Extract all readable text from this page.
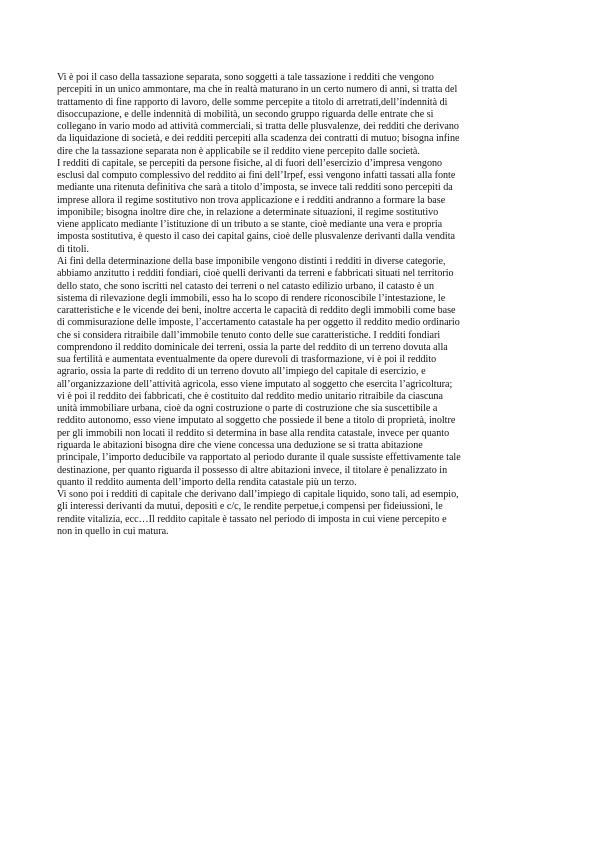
Vi è poi il caso della tassazione separata, sono soggetti a tale tassazione i redditi che vengono
percepiti in un unico ammontare, ma che in realtà maturano in un certo numero di anni, si tratta del
trattamento di fine rapporto di lavoro, delle somme percepite a titolo di arretrati,dell’indennità di
disoccupazione, e delle indennità di mobilità, un secondo gruppo riguarda delle entrate che si
collegano in vario modo ad attività commerciali, si tratta delle plusvalenze, dei redditi che derivano
da liquidazione di società, e dei redditi percepiti alla scadenza dei contratti di mutuo; bisogna infine
dire che la tassazione separata non è applicabile se il reddito viene percepito dalle società.
I redditi di capitale, se percepiti da persone fisiche, al di fuori dell’esercizio d’impresa vengono
esclusi dal computo complessivo del reddito ai fini dell’Irpef, essi vengono infatti tassati alla fonte
mediante una ritenuta definitiva che sarà a titolo d’imposta, se invece tali redditi sono percepiti da
imprese allora il regime sostitutivo non trova applicazione e i redditi andranno a formare la base
imponibile; bisogna inoltre dire che, in relazione a determinate situazioni, il regime sostitutivo
viene applicato mediante l’istituzione di un tributo a se stante, cioè mediante una vera e propria
imposta sostitutiva, è questo il caso dei capital gains, cioè delle plusvalenze derivanti dalla vendita
di titoli.
Ai fini della determinazione della base imponibile vengono distinti i redditi in diverse categorie,
abbiamo anzitutto i redditi fondiari, cioè quelli derivanti da terreni e fabbricati situati nel territorio
dello stato, che sono iscritti nel catasto dei terreni o nel catasto edilizio urbano, il catasto è un
sistema di rilevazione degli immobili, esso ha lo scopo di rendere riconoscibile l’intestazione, le
caratteristiche e le vicende dei beni, inoltre accerta le capacità di reddito degli immobili come base
di commisurazione delle imposte, l’accertamento catastale ha per oggetto il reddito medio ordinario
che si considera ritraibile dall’immobile tenuto conto delle sue caratteristiche. I redditi fondiari
comprendono il reddito dominicale dei terreni, ossia la parte del reddito di un terreno dovuta alla
sua fertilità e aumentata eventualmente da opere durevoli di trasformazione, vi è poi il reddito
agrario, ossia la parte di reddito di un terreno dovuto all’impiego del capitale di esercizio, e
all’organizzazione dell’attività agricola, esso viene imputato al soggetto che esercita l’agricoltura;
vi è poi il reddito dei fabbricati, che è costituito dal reddito medio unitario ritraibile da ciascuna
unità immobiliare urbana, cioè da ogni costruzione o parte di costruzione che sia suscettibile a
reddito autonomo, esso viene imputato al soggetto che possiede il bene a titolo di proprietà, inoltre
per gli immobili non locati il reddito si determina in base alla rendita catastale, invece per quanto
riguarda le abitazioni bisogna dire che viene concessa una deduzione se si tratta abitazione
principale, l’importo deducibile va rapportato al periodo durante il quale sussiste effettivamente tale
destinazione, per quanto riguarda il possesso di altre abitazioni invece, il titolare è penalizzato in
quanto il reddito aumenta dell’importo della rendita catastale più un terzo.
Vi sono poi i redditi di capitale che derivano dall’impiego di capitale liquido, sono tali, ad esempio,
gli interessi derivanti da mutui, depositi e c/c, le rendite perpetue,i compensi per fideiussioni, le
rendite vitalizia, ecc…Il reddito capitale è tassato nel periodo di imposta in cui viene percepito e
non in quello in cui matura.
